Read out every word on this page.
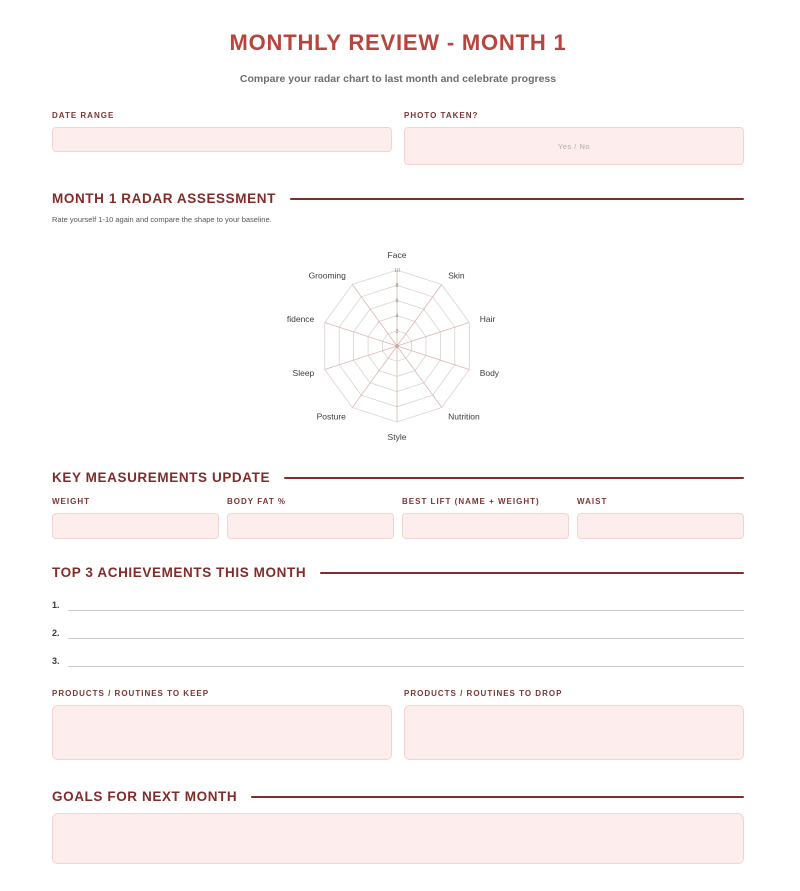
MONTHLY REVIEW - MONTH 1
Compare your radar chart to last month and celebrate progress
DATE RANGE	PHOTO TAKEN?
Yes / No
MONTH 1 RADAR ASSESSMENT
Rate yourself 1-10 again and compare the shape to your baseline.
0
2
4
6
8
10
Face
Skin
Hair
Body
Nutrition
Style
Posture
Sleep
fidence
Grooming
KEY MEASUREMENTS UPDATE
WEIGHT	BODY FAT %	BEST LIFT (NAME + WEIGHT)	WAIST
TOP 3 ACHIEVEMENTS THIS MONTH
1.
2.
3.
PRODUCTS / ROUTINES TO KEEP	PRODUCTS / ROUTINES TO DROP
GOALS FOR NEXT MONTH
